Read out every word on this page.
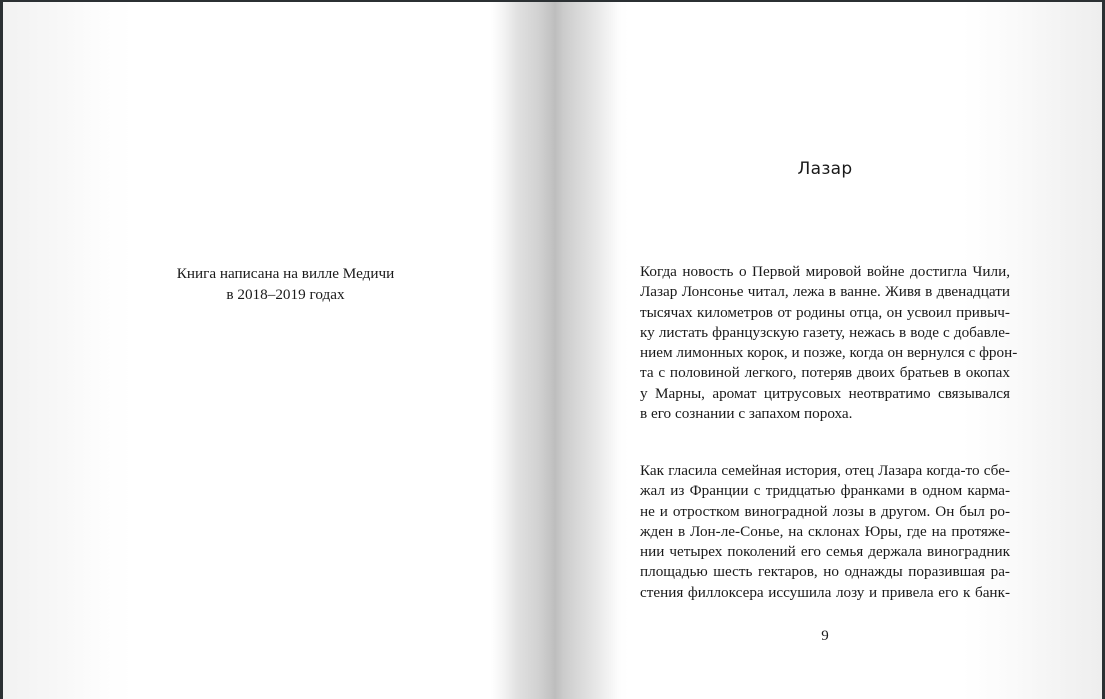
Книга написана на вилле Медичи
в 2018–2019 годах
Лазар
Когда новость о Первой мировой войне достигла Чили,
Лазар Лонсонье читал, лежа в ванне. Живя в двенадцати
тысячах километров от родины отца, он усвоил привыч-
ку листать французскую газету, нежась в воде с добавле-
нием лимонных корок, и позже, когда он вернулся с фрон-
та с половиной легкого, потеряв двоих братьев в окопах
у Марны, аромат цитрусовых неотвратимо связывался
в его сознании с запахом пороха.
Как гласила семейная история, отец Лазара когда-то сбе-
жал из Франции с тридцатью франками в одном карма-
не и отростком виноградной лозы в другом. Он был ро-
жден в Лон-ле-Сонье, на склонах Юры, где на протяже-
нии четырех поколений его семья держала виноградник
площадью шесть гектаров, но однажды поразившая ра-
стения филлоксера иссушила лозу и привела его к банк-
9
